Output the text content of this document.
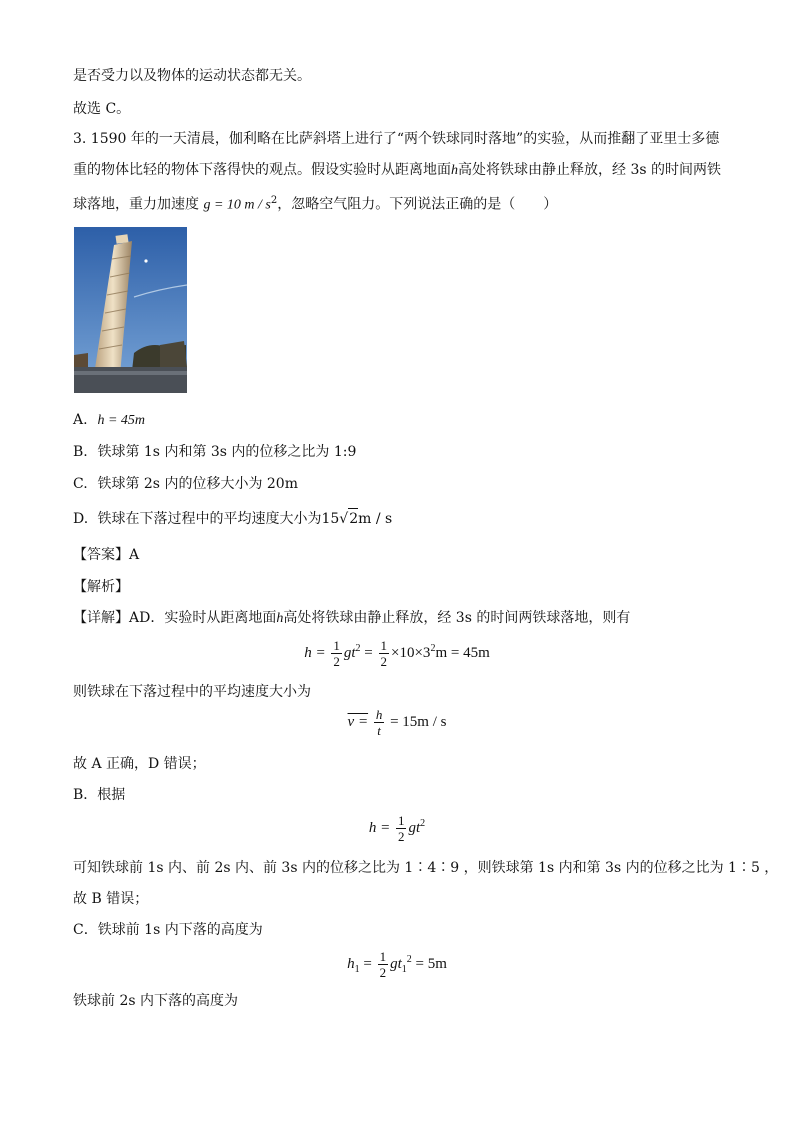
是否受力以及物体的运动状态都无关。
故选 C。
3. 1590 年的一天清晨，伽利略在比萨斜塔上进行了“两个铁球同时落地”的实验，从而推翻了亚里士多德
重的物体比轻的物体下落得快的观点。假设实验时从距离地面h高处将铁球由静止释放，经 3s 的时间两铁
球落地，重力加速度 g = 10 m / $s^2$，忽略空气阻力。下列说法正确的是（　　）
A. h = 45m
B. 铁球第 1s 内和第 3s 内的位移之比为 1:9
C. 铁球第 2s 内的位移大小为 20m
D. 铁球在下落过程中的平均速度大小为15√2m / s
【答案】A
【解析】
【详解】AD．实验时从距离地面h高处将铁球由静止释放，经 3s 的时间两铁球落地，则有
$h = \frac{1}{2} gt^2 = \frac{1}{2} \times 10\times 3^2m = 45m$
则铁球在下落过程中的平均速度大小为
$v = \frac{h}{t} = 15m / s$
故 A 正确，D 错误；
B．根据
$h = \frac{1}{2} gt^2$
可知铁球前 1s 内、前 2s 内、前 3s 内的位移之比为 1∶4∶9 ，则铁球第 1s 内和第 3s 内的位移之比为 1∶5 ，
故 B 错误；
C．铁球前 1s 内下落的高度为
$h_1 = \frac{1}{2} gt_1^2 = 5m$
铁球前 2s 内下落的高度为
